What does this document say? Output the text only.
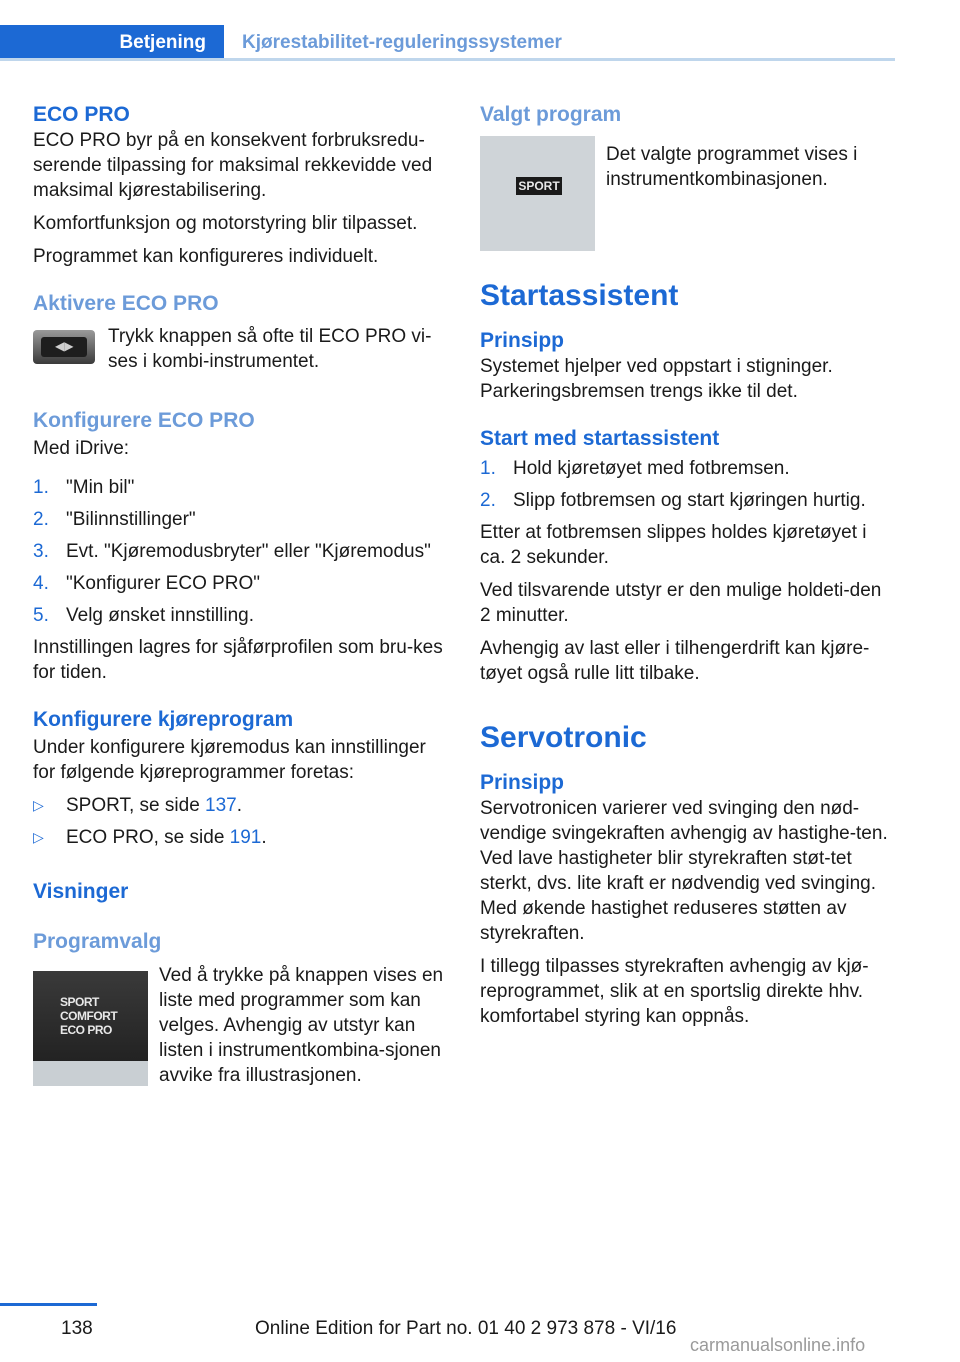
Betjening	Kjørestabilitet-reguleringssystemer
ECO PRO

ECO PRO byr på en konsekvent forbruksredu-serende tilpassing for maksimal rekkevidde ved maksimal kjørestabilisering.

Komfortfunksjon og motorstyring blir tilpasset.

Programmet kan konfigureres individuelt.

Aktivere ECO PRO
◀▶ Trykk knappen så ofte til ECO PRO vi-ses i kombi-instrumentet.

Konfigurere ECO PRO

Med iDrive:

1. "Min bil"
2. "Bilinnstillinger"
3. Evt. "Kjøremodusbryter" eller "Kjøremodus"
4. "Konfigurer ECO PRO"
5. Velg ønsket innstilling.

Innstillingen lagres for sjåførprofilen som bru-kes for tiden.

Konfigurere kjøreprogram

Under konfigurere kjøremodus kan innstillinger for følgende kjøreprogrammer foretas:

▷ SPORT, se side 137.
▷ ECO PRO, se side 191.
Visninger
Programvalg
SPORT
COMFORT
ECO PRO

Ved å trykke på knappen vises en liste med programmer som kan velges. Avhengig av utstyr kan listen i instrumentkombina-sjonen avvike fra illustrasjonen.

Valgt program
SPORT

Det valgte programmet vises i instrumentkombinasjonen.

Startassistent
Prinsipp

Systemet hjelper ved oppstart i stigninger. Parkeringsbremsen trengs ikke til det.

Start med startassistent
1. Hold kjøretøyet med fotbremsen.
2. Slipp fotbremsen og start kjøringen hurtig.

Etter at fotbremsen slippes holdes kjøretøyet i ca. 2 sekunder.

Ved tilsvarende utstyr er den mulige holdeti-den 2 minutter.

Avhengig av last eller i tilhengerdrift kan kjøre-tøyet også rulle litt tilbake.

Servotronic
Prinsipp

Servotronicen varierer ved svinging den nød-vendige svingekraften avhengig av hastighe-ten. Ved lave hastigheter blir styrekraften støt-tet sterkt, dvs. lite kraft er nødvendig ved svinging. Med økende hastighet reduseres støtten av styrekraften.

I tillegg tilpasses styrekraften avhengig av kjø-reprogrammet, slik at en sportslig direkte hhv. komfortabel styring kan oppnås.

138	Online Edition for Part no. 01 40 2 973 878 - VI/16
carmanualsonline.info
